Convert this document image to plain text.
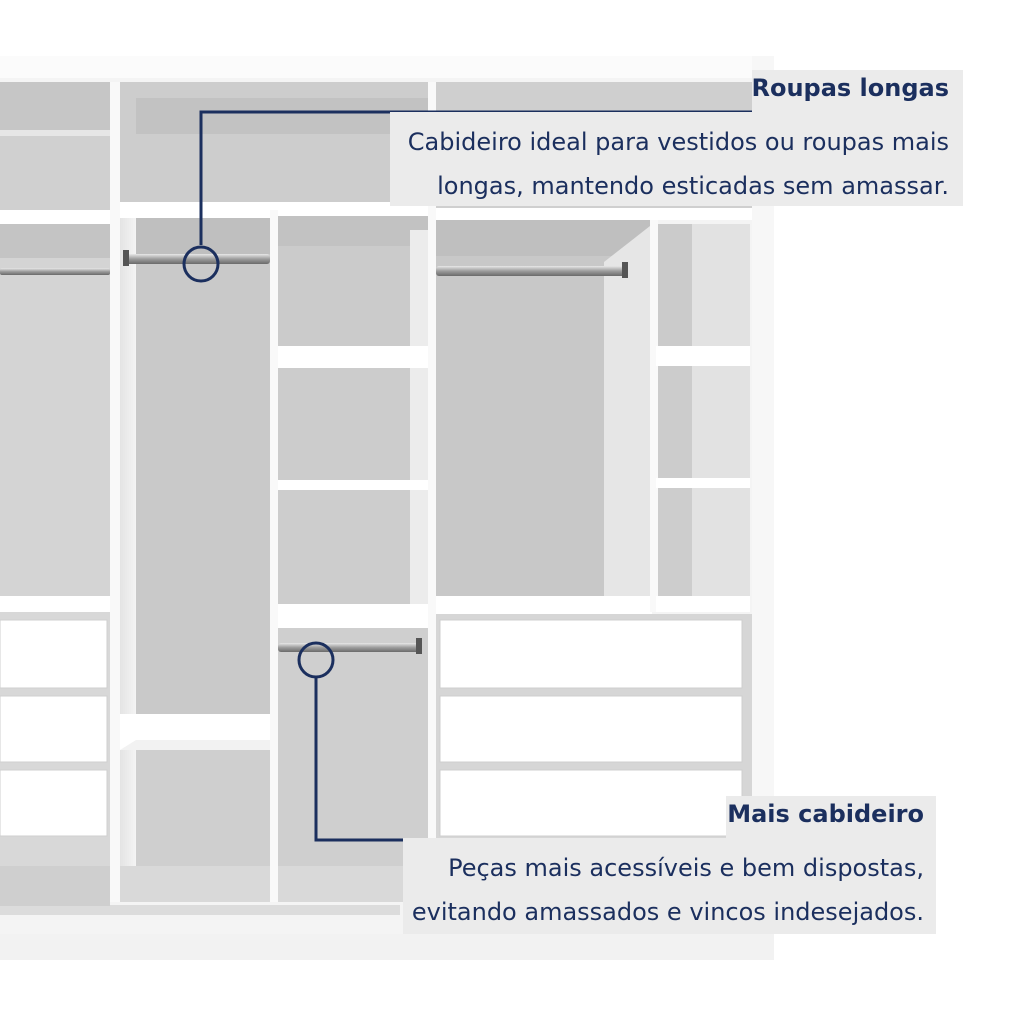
Roupas longas
Cabideiro ideal para vestidos ou roupas mais
longas, mantendo esticadas sem amassar.
Mais cabideiro
Peças mais acessíveis e bem dispostas,
evitando amassados e vincos indesejados.
